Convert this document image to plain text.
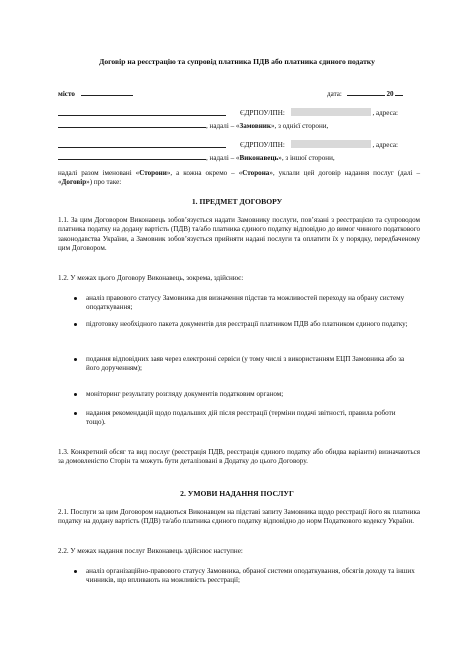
Договір на реєстрацію та супровід платника ПДВ або платника єдиного податку
місто	дата:	20
ЄДРПОУ/ІПН:	, адреса:
, надалі – «Замовник», з однієї сторони,
ЄДРПОУ/ІПН:	, адреса:
, надалі – «Виконавець», з іншої сторони,
надалі разом іменовані «Сторони», а кожна окремо – «Сторона», уклали цей договір надання послуг (далі – «Договір») про таке:
1. ПРЕДМЕТ ДОГОВОРУ
1.1. За цим Договором Виконавець зобов’язується надати Замовнику послуги, пов’язані з реєстрацією та супроводом платника податку на додану вартість (ПДВ) та/або платника єдиного податку відповідно до вимог чинного податкового законодавства України, а Замовник зобов’язується прийняти надані послуги та оплатити їх у порядку, передбаченому цим Договором.
1.2. У межах цього Договору Виконавець, зокрема, здійснює:
аналіз правового статусу Замовника для визначення підстав та можливостей переходу на обрану систему оподаткування;
підготовку необхідного пакета документів для реєстрації платником ПДВ або платником єдиного податку;
подання відповідних заяв через електронні сервіси (у тому числі з використанням ЕЦП Замовника або за його дорученням);
моніторинг результату розгляду документів податковим органом;
надання рекомендацій щодо подальших дій після реєстрації (терміни подачі звітності, правила роботи тощо).
1.3. Конкретний обсяг та вид послуг (реєстрація ПДВ, реєстрація єдиного податку або обидва варіанти) визначаються за домовленістю Сторін та можуть бути деталізовані в Додатку до цього Договору.
2. УМОВИ НАДАННЯ ПОСЛУГ
2.1. Послуги за цим Договором надаються Виконавцем на підставі запиту Замовника щодо реєстрації його як платника податку на додану вартість (ПДВ) та/або платника єдиного податку відповідно до норм Податкового кодексу України.
2.2. У межах надання послуг Виконавець здійснює наступне:
аналіз організаційно-правового статусу Замовника, обраної системи оподаткування, обсягів доходу та інших чинників, що впливають на можливість реєстрації;
